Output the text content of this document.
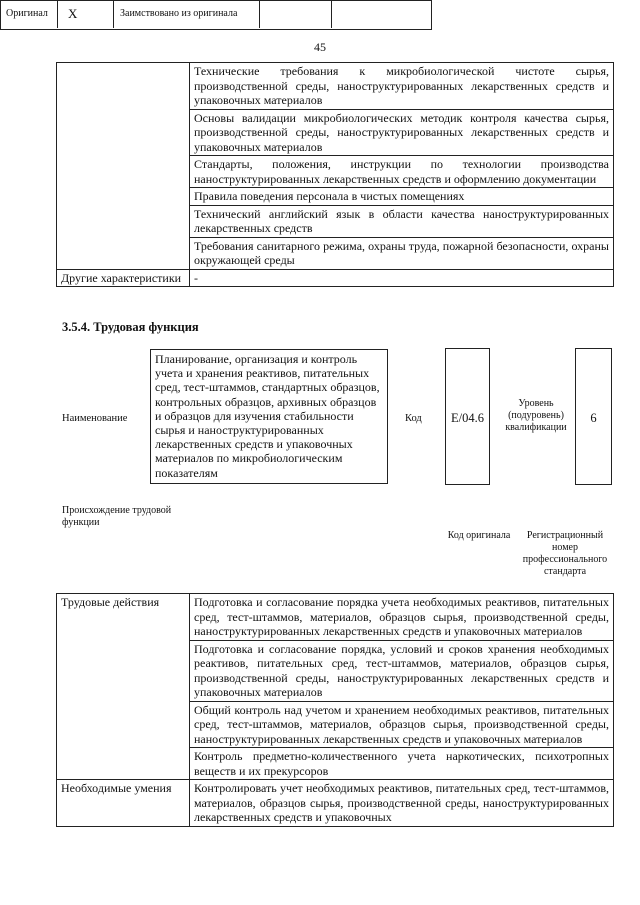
45
	Технические требования к микробиологической чистоте сырья, производственной среды, наноструктурированных лекарственных средств и упаковочных материалов
	Основы валидации микробиологических методик контроля качества сырья, производственной среды, наноструктурированных лекарственных средств и упаковочных материалов
	Стандарты, положения, инструкции по технологии производства наноструктурированных лекарственных средств и оформлению документации
	Правила поведения персонала в чистых помещениях
	Технический английский язык в области качества наноструктурированных лекарственных средств
	Требования санитарного режима, охраны труда, пожарной безопасности, охраны окружающей среды
Другие характеристики	-
3.5.4. Трудовая функция
Наименование
Планирование, организация и контроль учета и хранения реактивов, питательных сред, тест-штаммов, стандартных образцов, контрольных образцов, архивных образцов и образцов для изучения стабильности сырья и наноструктурированных лекарственных средств и упаковочных материалов по микробиологическим показателям
Код	E/04.6
Уровень (подуровень) квалификации
6
Происхождение трудовой функции
Оригинал	X	Заимствовано из оригинала
Код оригинала	Регистрационный номер профессионального стандарта
Трудовые действия	Подготовка и согласование порядка учета необходимых реактивов, питательных сред, тест-штаммов, материалов, образцов сырья, производственной среды, наноструктурированных лекарственных средств и упаковочных материалов
	Подготовка и согласование порядка, условий и сроков хранения необходимых реактивов, питательных сред, тест-штаммов, материалов, образцов сырья, производственной среды, наноструктурированных лекарственных средств и упаковочных материалов
	Общий контроль над учетом и хранением необходимых реактивов, питательных сред, тест-штаммов, материалов, образцов сырья, производственной среды, наноструктурированных лекарственных средств и упаковочных материалов
	Контроль предметно-количественного учета наркотических, психотропных веществ и их прекурсоров
Необходимые умения	Контролировать учет необходимых реактивов, питательных сред, тест-штаммов, материалов, образцов сырья, производственной среды, наноструктурированных лекарственных средств и упаковочных
